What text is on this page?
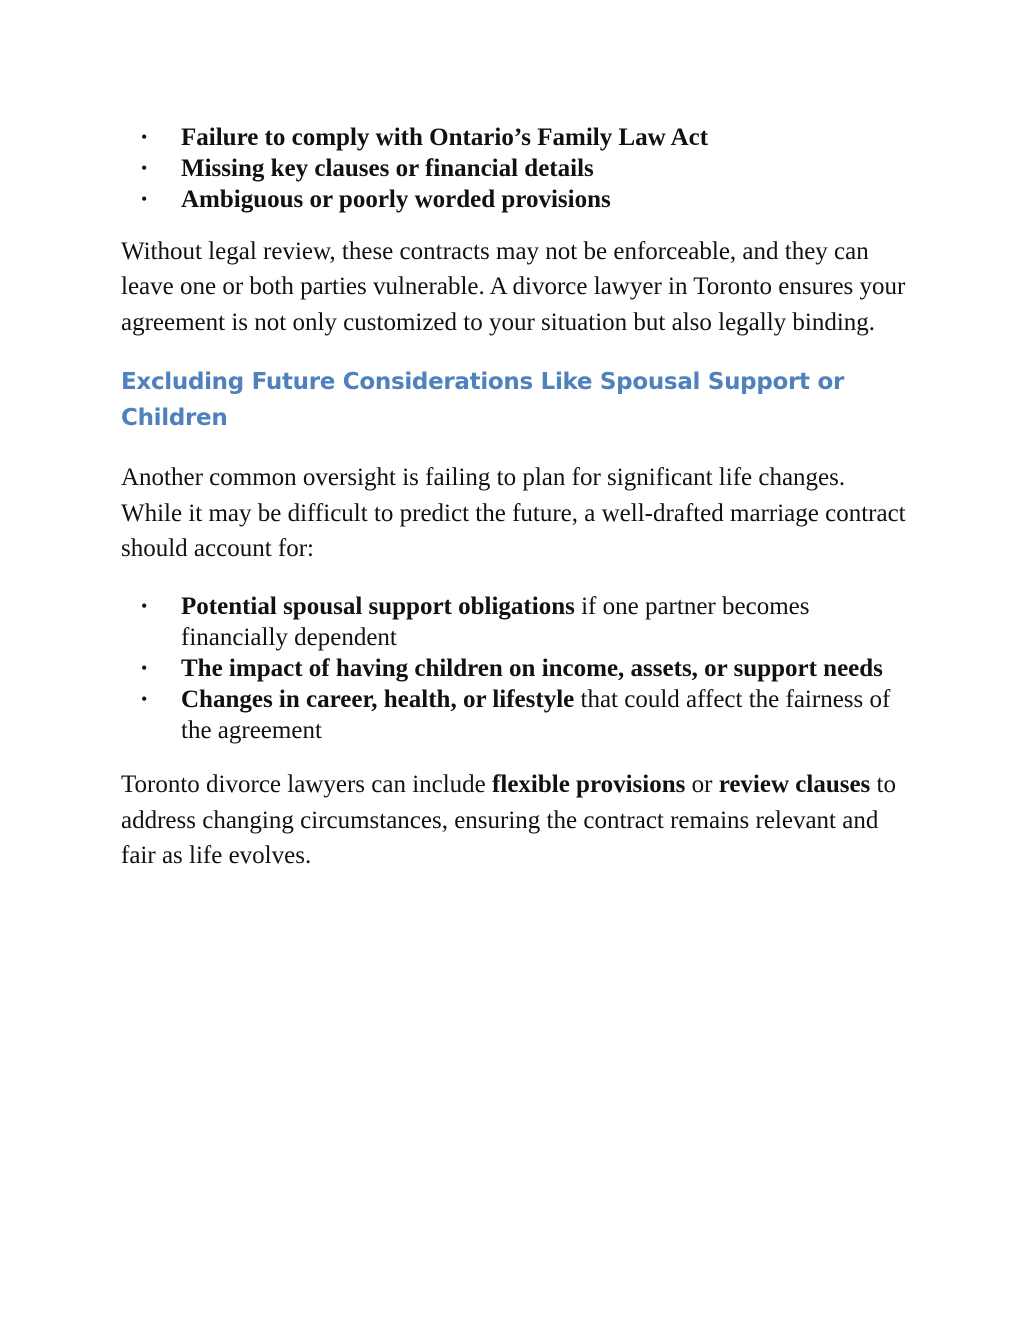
• Failure to comply with Ontario’s Family Law Act
• Missing key clauses or financial details
• Ambiguous or poorly worded provisions

Without legal review, these contracts may not be enforceable, and they can leave one or both parties vulnerable. A divorce lawyer in Toronto ensures your agreement is not only customized to your situation but also legally binding.

Excluding Future Considerations Like Spousal Support or Children

Another common oversight is failing to plan for significant life changes. While it may be difficult to predict the future, a well-drafted marriage contract should account for:

• Potential spousal support obligations if one partner becomes financially dependent
• The impact of having children on income, assets, or support needs
• Changes in career, health, or lifestyle that could affect the fairness of the agreement

Toronto divorce lawyers can include flexible provisions or review clauses to address changing circumstances, ensuring the contract remains relevant and fair as life evolves.
